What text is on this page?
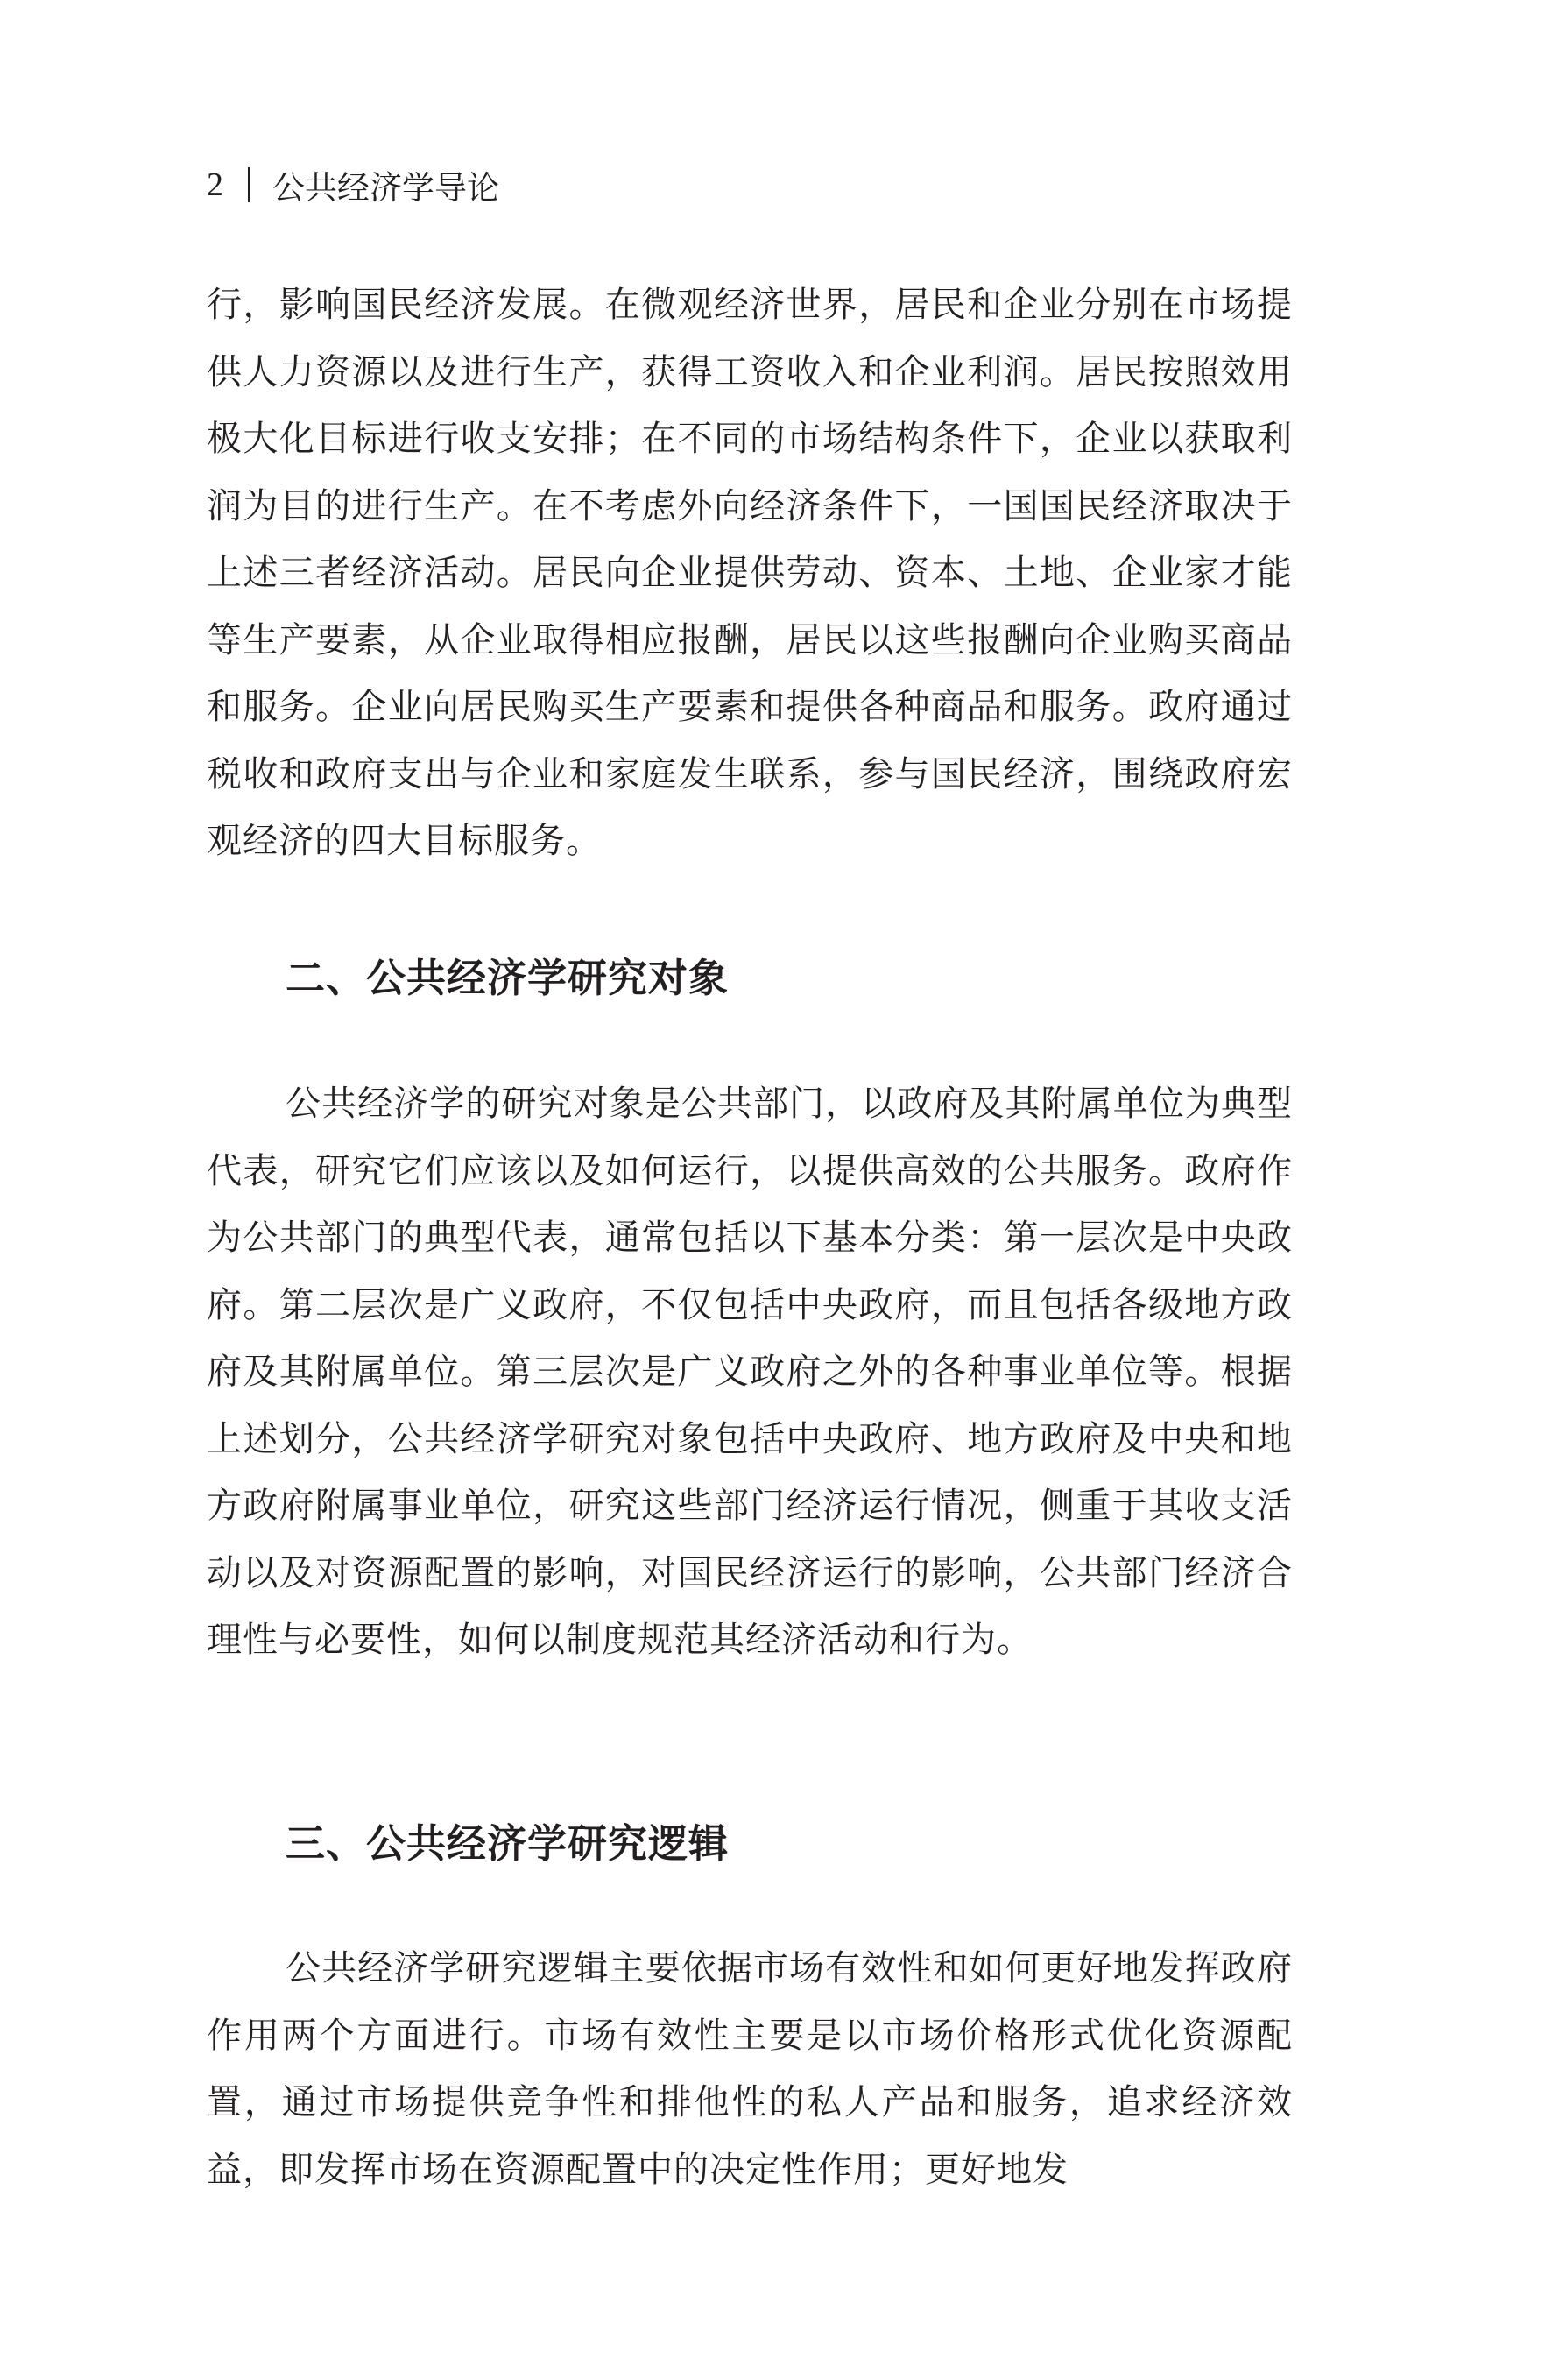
2 公共经济学导论

行，影响国民经济发展。在微观经济世界，居民和企业分别在市场提供人力资源以及进行生产，获得工资收入和企业利润。居民按照效用极大化目标进行收支安排；在不同的市场结构条件下，企业以获取利润为目的进行生产。在不考虑外向经济条件下，一国国民经济取决于上述三者经济活动。居民向企业提供劳动、资本、土地、企业家才能等生产要素，从企业取得相应报酬，居民以这些报酬向企业购买商品和服务。企业向居民购买生产要素和提供各种商品和服务。政府通过税收和政府支出与企业和家庭发生联系，参与国民经济，围绕政府宏观经济的四大目标服务。

二、公共经济学研究对象

公共经济学的研究对象是公共部门，以政府及其附属单位为典型代表，研究它们应该以及如何运行，以提供高效的公共服务。政府作为公共部门的典型代表，通常包括以下基本分类：第一层次是中央政府。第二层次是广义政府，不仅包括中央政府，而且包括各级地方政府及其附属单位。第三层次是广义政府之外的各种事业单位等。根据上述划分，公共经济学研究对象包括中央政府、地方政府及中央和地方政府附属事业单位，研究这些部门经济运行情况，侧重于其收支活动以及对资源配置的影响，对国民经济运行的影响，公共部门经济合理性与必要性，如何以制度规范其经济活动和行为。

三、公共经济学研究逻辑

公共经济学研究逻辑主要依据市场有效性和如何更好地发挥政府作用两个方面进行。市场有效性主要是以市场价格形式优化资源配置，通过市场提供竞争性和排他性的私人产品和服务，追求经济效益，即发挥市场在资源配置中的决定性作用；更好地发
